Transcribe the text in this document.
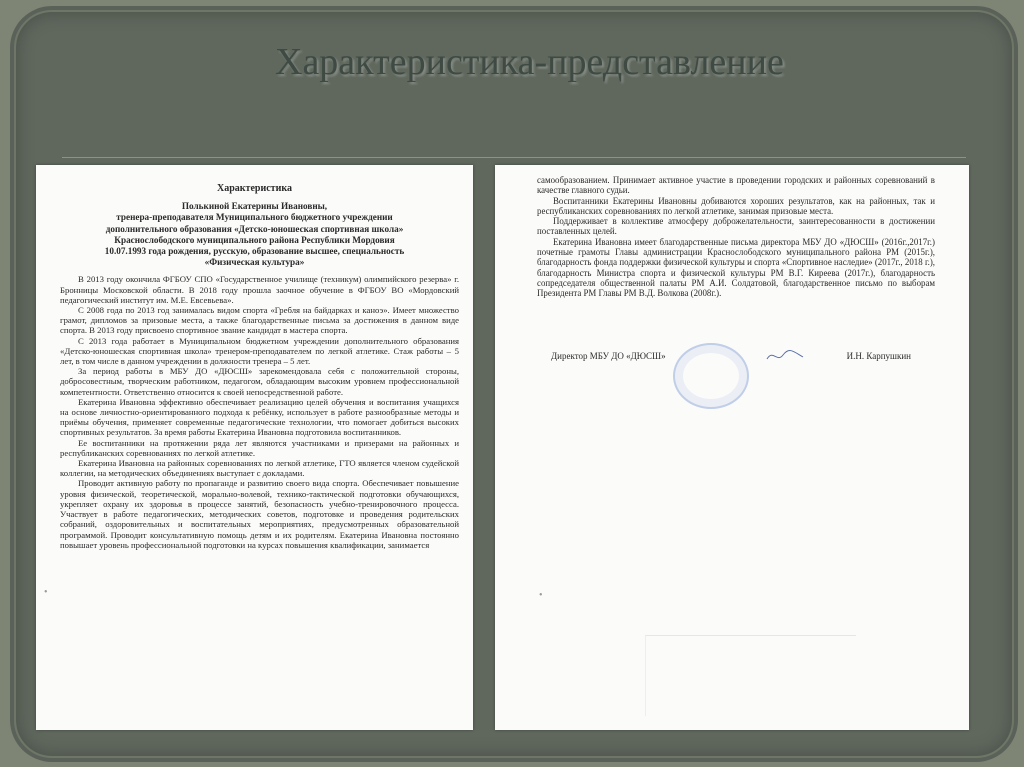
Характеристика-представление
Характеристика
Полькиной Екатерины Ивановны,
тренера-преподавателя Муниципального бюджетного учреждении
дополнительного образования «Детско-юношеская спортивная школа»
Краснослободского муниципального района Республики Мордовия
10.07.1993 года рождения, русскую, образование высшее, специальность
«Физическая культура»

В 2013 году окончила ФГБОУ СПО «Государственное училище (техникум) олимпийского резерва» г. Бронницы Московской области. В 2018 году прошла заочное обучение в ФГБОУ ВО «Мордовский педагогический институт им. М.Е. Евсевьева».

С 2008 года по 2013 год занималась видом спорта «Гребля на байдарках и каноэ». Имеет множество грамот, дипломов за призовые места, а также благодарственные письма за достижения в данном виде спорта. В 2013 году присвоено спортивное звание кандидат в мастера спорта.

С 2013 года работает в Муниципальном бюджетном учреждении дополнительного образования «Детско-юношеская спортивная школа» тренером-преподавателем по легкой атлетике. Стаж работы – 5 лет, в том числе в данном учреждении в должности тренера – 5 лет.

За период работы в МБУ ДО «ДЮСШ» зарекомендовала себя с положительной стороны, добросовестным, творческим работником, педагогом, обладающим высоким уровнем профессиональной компетентности. Ответственно относится к своей непосредственной работе.

Екатерина Ивановна эффективно обеспечивает реализацию целей обучения и воспитания учащихся на основе личностно-ориентированного подхода к ребёнку, использует в работе разнообразные методы и приёмы обучения, применяет современные педагогические технологии, что помогает добиться высоких спортивных результатов. За время работы Екатерина Ивановна подготовила воспитанников.

Ее воспитанники на протяжении ряда лет являются участниками и призерами на районных и республиканских соревнованиях по легкой атлетике.

Екатерина Ивановна на районных соревнованиях по легкой атлетике, ГТО является членом судейской коллегии, на методических объединениях выступает с докладами.

Проводит активную работу по пропаганде и развитию своего вида спорта. Обеспечивает повышение уровня физической, теоретической, морально-волевой, технико-тактической подготовки обучающихся, укрепляет охрану их здоровья в процессе занятий, безопасность учебно-тренировочного процесса. Участвует в работе педагогических, методических советов, подготовке и проведения родительских собраний, оздоровительных и воспитательных мероприятиях, предусмотренных образовательной программой. Проводит консультативную помощь детям и их родителям. Екатерина Ивановна постоянно повышает уровень профессиональной подготовки на курсах повышения квалификации, занимается

•

самообразованием. Принимает активное участие в проведении городских и районных соревнований в качестве главного судьи.

Воспитанники Екатерины Ивановны добиваются хороших результатов, как на районных, так и республиканских соревнованиях по легкой атлетике, занимая призовые места.

Поддерживает в коллективе атмосферу доброжелательности, заинтересованности в достижении поставленных целей.

Екатерина Ивановна имеет благодарственные письма директора МБУ ДО «ДЮСШ» (2016г.,2017г.) почетные грамоты Главы администрации Краснослободского муниципального района РМ (2015г.), благодарность фонда поддержки физической культуры и спорта «Спортивное наследие» (2017г., 2018 г.), благодарность Министра спорта и физической культуры РМ В.Г. Киреева (2017г.), благодарность сопредседателя общественной палаты РМ А.И. Солдатовой, благодарственное письмо по выборам Президента РМ Главы РМ В.Д. Волкова (2008г.).

Директор МБУ ДО «ДЮСШ»	И.Н. Карпушкин
•
